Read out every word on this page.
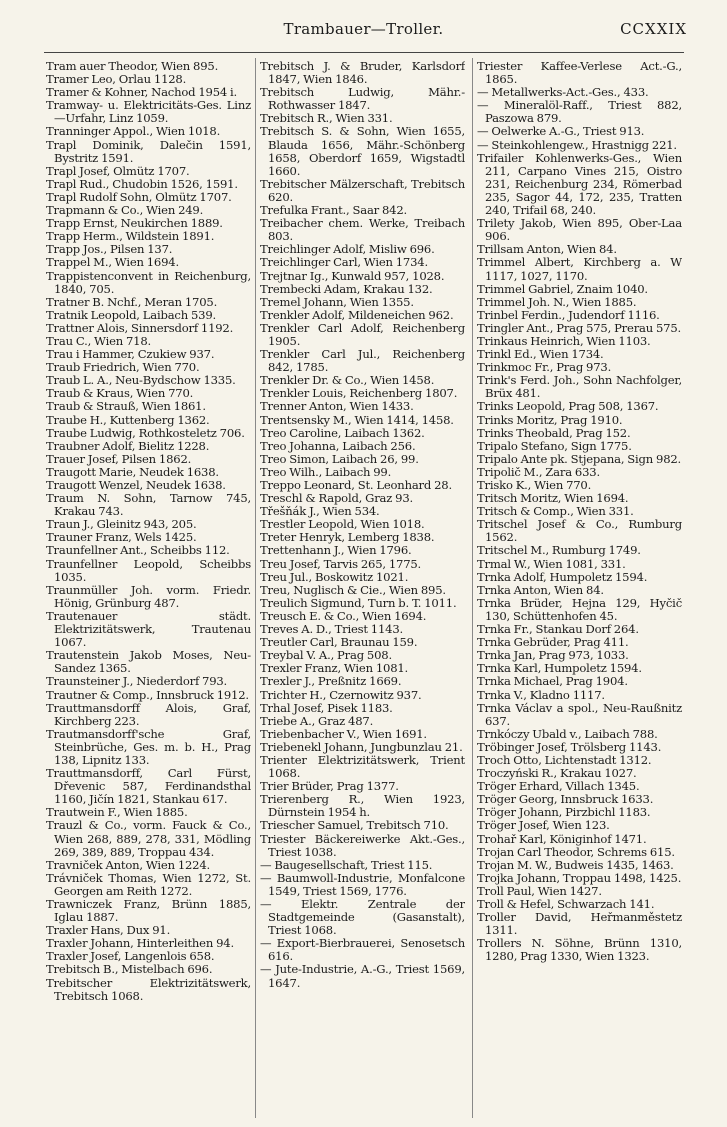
Trambauer—Troller.	CCXXIX

Tram auer Theodor, Wien 895.

Tramer Leo, Orlau 1128.

Tramer & Kohner, Nachod 1954 i.

Tramway- u. Elektricitäts-Ges. Linz—Urfahr, Linz 1059.

Tranninger Appol., Wien 1018.

Trapl Dominik, Dalečin 1591, Bystritz 1591.

Trapl Josef, Olmütz 1707.

Trapl Rud., Chudobin 1526, 1591.

Trapl Rudolf Sohn, Olmütz 1707.

Trapmann & Co., Wien 249.

Trapp Ernst, Neukirchen 1889.

Trapp Herm., Wildstein 1891.

Trapp Jos., Pilsen 137.

Trappel M., Wien 1694.

Trappistenconvent in Reichenburg, 1840, 705.

Tratner B. Nchf., Meran 1705.

Tratnik Leopold, Laibach 539.

Trattner Alois, Sinnersdorf 1192.

Trau C., Wien 718.

Trau i Hammer, Czukiew 937.

Traub Friedrich, Wien 770.

Traub L. A., Neu-Bydschow 1335.

Traub & Kraus, Wien 770.

Traub & Strauß, Wien 1861.

Traube H., Kuttenberg 1362.

Traube Ludwig, Rothkosteletz 706.

Traubner Adolf, Bielitz 1228.

Trauer Josef, Pilsen 1862.

Traugott Marie, Neudek 1638.

Traugott Wenzel, Neudek 1638.

Traum N. Sohn, Tarnow 745, Krakau 743.

Traun J., Gleinitz 943, 205.

Trauner Franz, Wels 1425.

Traunfellner Ant., Scheibbs 112.

Traunfellner Leopold, Scheibbs 1035.

Traunmüller Joh. vorm. Friedr. Hönig, Grünburg 487.

Trautenauer städt. Elektrizitätswerk, Trautenau 1067.

Trautenstein Jakob Moses, Neu-Sandez 1365.

Traunsteiner J., Niederdorf 793.

Trautner & Comp., Innsbruck 1912.

Trauttmansdorff Alois, Graf, Kirchberg 223.

Trautmansdorff'sche Graf, Steinbrüche, Ges. m. b. H., Prag 138, Lipnitz 133.

Trauttmansdorff, Carl Fürst, Dřevenic 587, Ferdinandsthal 1160, Jičín 1821, Stankau 617.

Trautwein F., Wien 1885.

Trauzl & Co., vorm. Fauck & Co., Wien 268, 889, 278, 331, Mödling 269, 389, 889, Troppau 434.

Travniček Anton, Wien 1224.

Trávniček Thomas, Wien 1272, St. Georgen am Reith 1272.

Trawniczek Franz, Brünn 1885, Iglau 1887.

Traxler Hans, Dux 91.

Traxler Johann, Hinterleithen 94.

Traxler Josef, Langenlois 658.

Trebitsch B., Mistelbach 696.

Trebitscher Elektrizitätswerk, Trebitsch 1068.

Trebitsch J. & Bruder, Karlsdorf 1847, Wien 1846.

Trebitsch Ludwig, Mähr.-Rothwasser 1847.

Trebitsch R., Wien 331.

Trebitsch S. & Sohn, Wien 1655, Blauda 1656, Mähr.-Schönberg 1658, Oberdorf 1659, Wigstadtl 1660.

Trebitscher Mälzerschaft, Trebitsch 620.

Trefulka Frant., Saar 842.

Treibacher chem. Werke, Treibach 803.

Treichlinger Adolf, Misliw 696.

Treichlinger Carl, Wien 1734.

Trejtnar Ig., Kunwald 957, 1028.

Trembecki Adam, Krakau 132.

Tremel Johann, Wien 1355.

Trenkler Adolf, Mildeneichen 962.

Trenkler Carl Adolf, Reichenberg 1905.

Trenkler Carl Jul., Reichenberg 842, 1785.

Trenkler Dr. & Co., Wien 1458.

Trenkler Louis, Reichenberg 1807.

Trenner Anton, Wien 1433.

Trentsensky M., Wien 1414, 1458.

Treo Caroline, Laibach 1362.

Treo Johanna, Laibach 256.

Treo Simon, Laibach 26, 99.

Treo Wilh., Laibach 99.

Treppo Leonard, St. Leonhard 28.

Treschl & Rapold, Graz 93.

Třešňák J., Wien 534.

Trestler Leopold, Wien 1018.

Treter Henryk, Lemberg 1838.

Trettenhann J., Wien 1796.

Treu Josef, Tarvis 265, 1775.

Treu Jul., Boskowitz 1021.

Treu, Nuglisch & Cie., Wien 895.

Treulich Sigmund, Turn b. T. 1011.

Treusch E. & Co., Wien 1694.

Treves A. D., Triest 1143.

Treutler Carl, Braunau 159.

Treybal V. A., Prag 508.

Trexler Franz, Wien 1081.

Trexler J., Preßnitz 1669.

Trichter H., Czernowitz 937.

Trhal Josef, Pisek 1183.

Triebe A., Graz 487.

Triebenbacher V., Wien 1691.

Triebenekl Johann, Jungbunzlau 21.

Trienter Elektrizitätswerk, Trient 1068.

Trier Brüder, Prag 1377.

Trierenberg R., Wien 1923, Dürnstein 1954 h.

Triescher Samuel, Trebitsch 710.

Triester Bäckereiwerke Akt.-Ges., Triest 1038.

— Baugesellschaft, Triest 115.

— Baumwoll-Industrie, Monfalcone 1549, Triest 1569, 1776.

— Elektr. Zentrale der Stadtgemeinde (Gasanstalt), Triest 1068.

— Export-Bierbrauerei, Senosetsch 616.

— Jute-Industrie, A.-G., Triest 1569, 1647.

Triester Kaffee-Verlese Act.-G., 1865.

— Metallwerks-Act.-Ges., 433.

— Mineralöl-Raff., Triest 882, Paszowa 879.

— Oelwerke A.-G., Triest 913.

— Steinkohlengew., Hrastnigg 221.

Trifailer Kohlenwerks-Ges., Wien 211, Carpano Vines 215, Oistro 231, Reichenburg 234, Römerbad 235, Sagor 44, 172, 235, Tratten 240, Trifail 68, 240.

Trilety Jakob, Wien 895, Ober-Laa 906.

Trillsam Anton, Wien 84.

Trimmel Albert, Kirchberg a. W 1117, 1027, 1170.

Trimmel Gabriel, Znaim 1040.

Trimmel Joh. N., Wien 1885.

Trinbel Ferdin., Judendorf 1116.

Tringler Ant., Prag 575, Prerau 575.

Trinkaus Heinrich, Wien 1103.

Trinkl Ed., Wien 1734.

Trinkmoc Fr., Prag 973.

Trink's Ferd. Joh., Sohn Nachfolger, Brüx 481.

Trinks Leopold, Prag 508, 1367.

Trinks Moritz, Prag 1910.

Trinks Theobald, Prag 152.

Tripalo Stefano, Sign 1775.

Tripalo Ante pk. Stjepana, Sign 982.

Tripolič M., Zara 633.

Trisko K., Wien 770.

Tritsch Moritz, Wien 1694.

Tritsch & Comp., Wien 331.

Tritschel Josef & Co., Rumburg 1562.

Tritschel M., Rumburg 1749.

Trmal W., Wien 1081, 331.

Trnka Adolf, Humpoletz 1594.

Trnka Anton, Wien 84.

Trnka Brüder, Hejna 129, Hyčič 130, Schüttenhofen 45.

Trnka Fr., Stankau Dorf 264.

Trnka Gebrüder, Prag 411.

Trnka Jan, Prag 973, 1033.

Trnka Karl, Humpoletz 1594.

Trnka Michael, Prag 1904.

Trnka V., Kladno 1117.

Trnka Václav a spol., Neu-Raußnitz 637.

Trnkóczy Ubald v., Laibach 788.

Tröbinger Josef, Trölsberg 1143.

Troch Otto, Lichtenstadt 1312.

Troczyński R., Krakau 1027.

Tröger Erhard, Villach 1345.

Tröger Georg, Innsbruck 1633.

Tröger Johann, Pirzbichl 1183.

Tröger Josef, Wien 123.

Trohař Karl, Königinhof 1471.

Trojan Carl Theodor, Schrems 615.

Trojan M. W., Budweis 1435, 1463.

Trojka Johann, Troppau 1498, 1425.

Troll Paul, Wien 1427.

Troll & Hefel, Schwarzach 141.

Troller David, Heřmanměstetz 1311.

Trollers N. Söhne, Brünn 1310, 1280, Prag 1330, Wien 1323.
